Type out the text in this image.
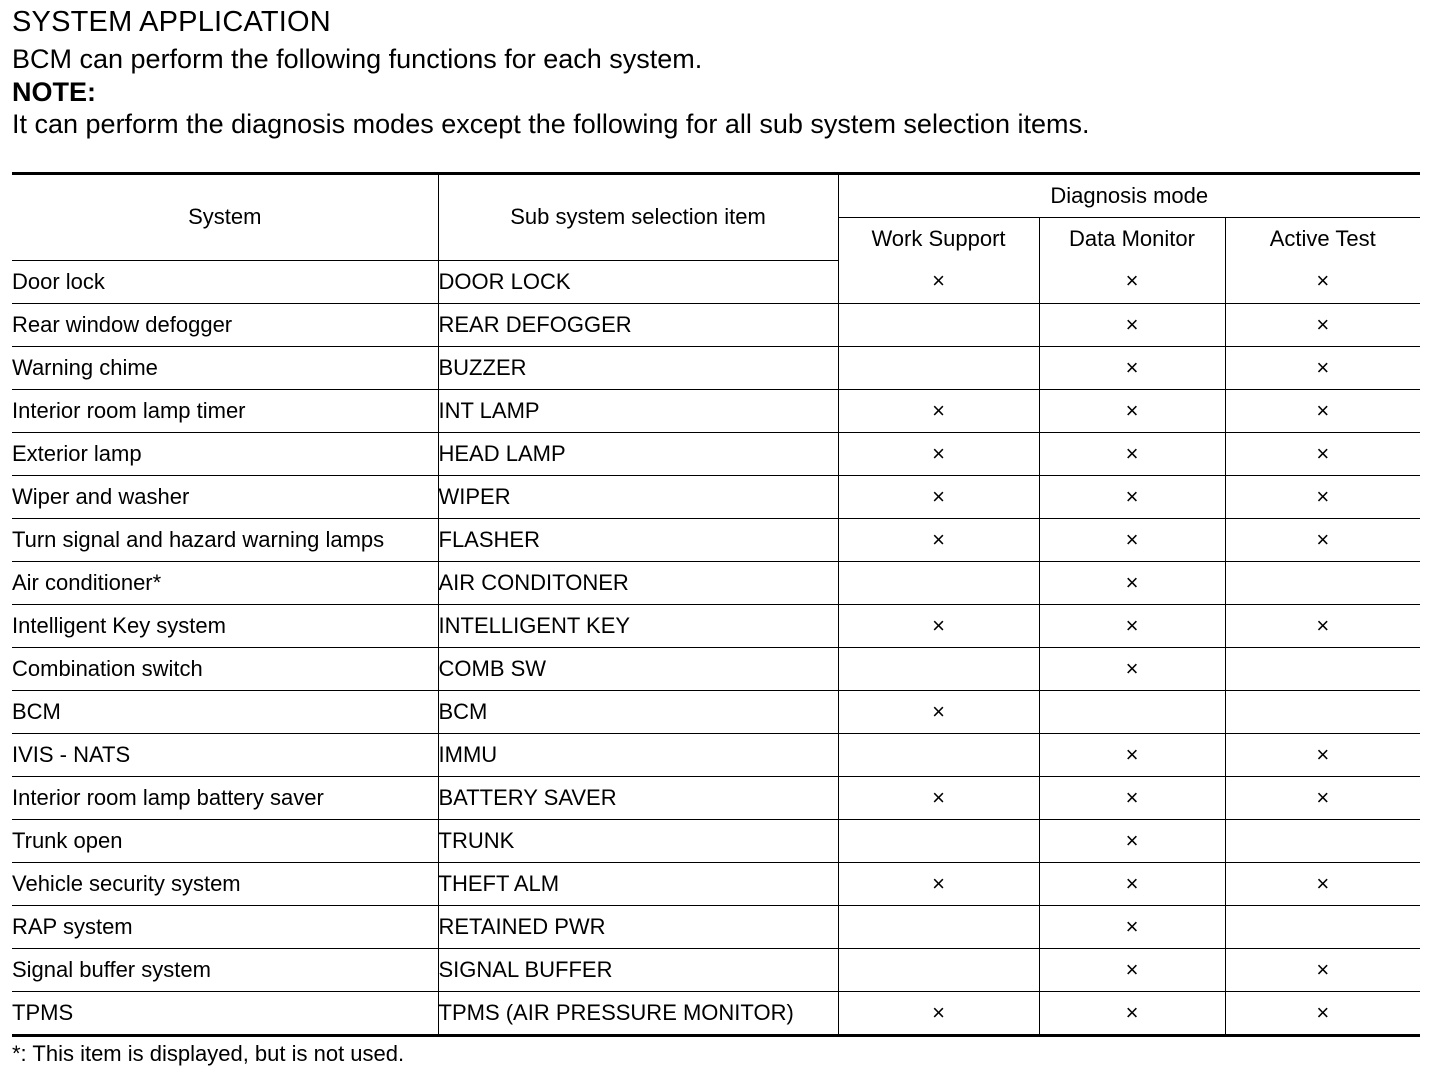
SYSTEM APPLICATION
BCM can perform the following functions for each system.
NOTE:
It can perform the diagnosis modes except the following for all sub system selection items.
System	Sub system selection item	Diagnosis mode		
		Work Support	Data Monitor	Active Test
Door lock	DOOR LOCK	×	×	×
Rear window defogger	REAR DEFOGGER		×	×
Warning chime	BUZZER		×	×
Interior room lamp timer	INT LAMP	×	×	×
Exterior lamp	HEAD LAMP	×	×	×
Wiper and washer	WIPER	×	×	×
Turn signal and hazard warning lamps	FLASHER	×	×	×
Air conditioner*	AIR CONDITONER		×	
Intelligent Key system	INTELLIGENT KEY	×	×	×
Combination switch	COMB SW		×	
BCM	BCM	×		
IVIS - NATS	IMMU		×	×
Interior room lamp battery saver	BATTERY SAVER	×	×	×
Trunk open	TRUNK		×	
Vehicle security system	THEFT ALM	×	×	×
RAP system	RETAINED PWR		×	
Signal buffer system	SIGNAL BUFFER		×	×
TPMS	TPMS (AIR PRESSURE MONITOR)	×	×	×
*: This item is displayed, but is not used.
